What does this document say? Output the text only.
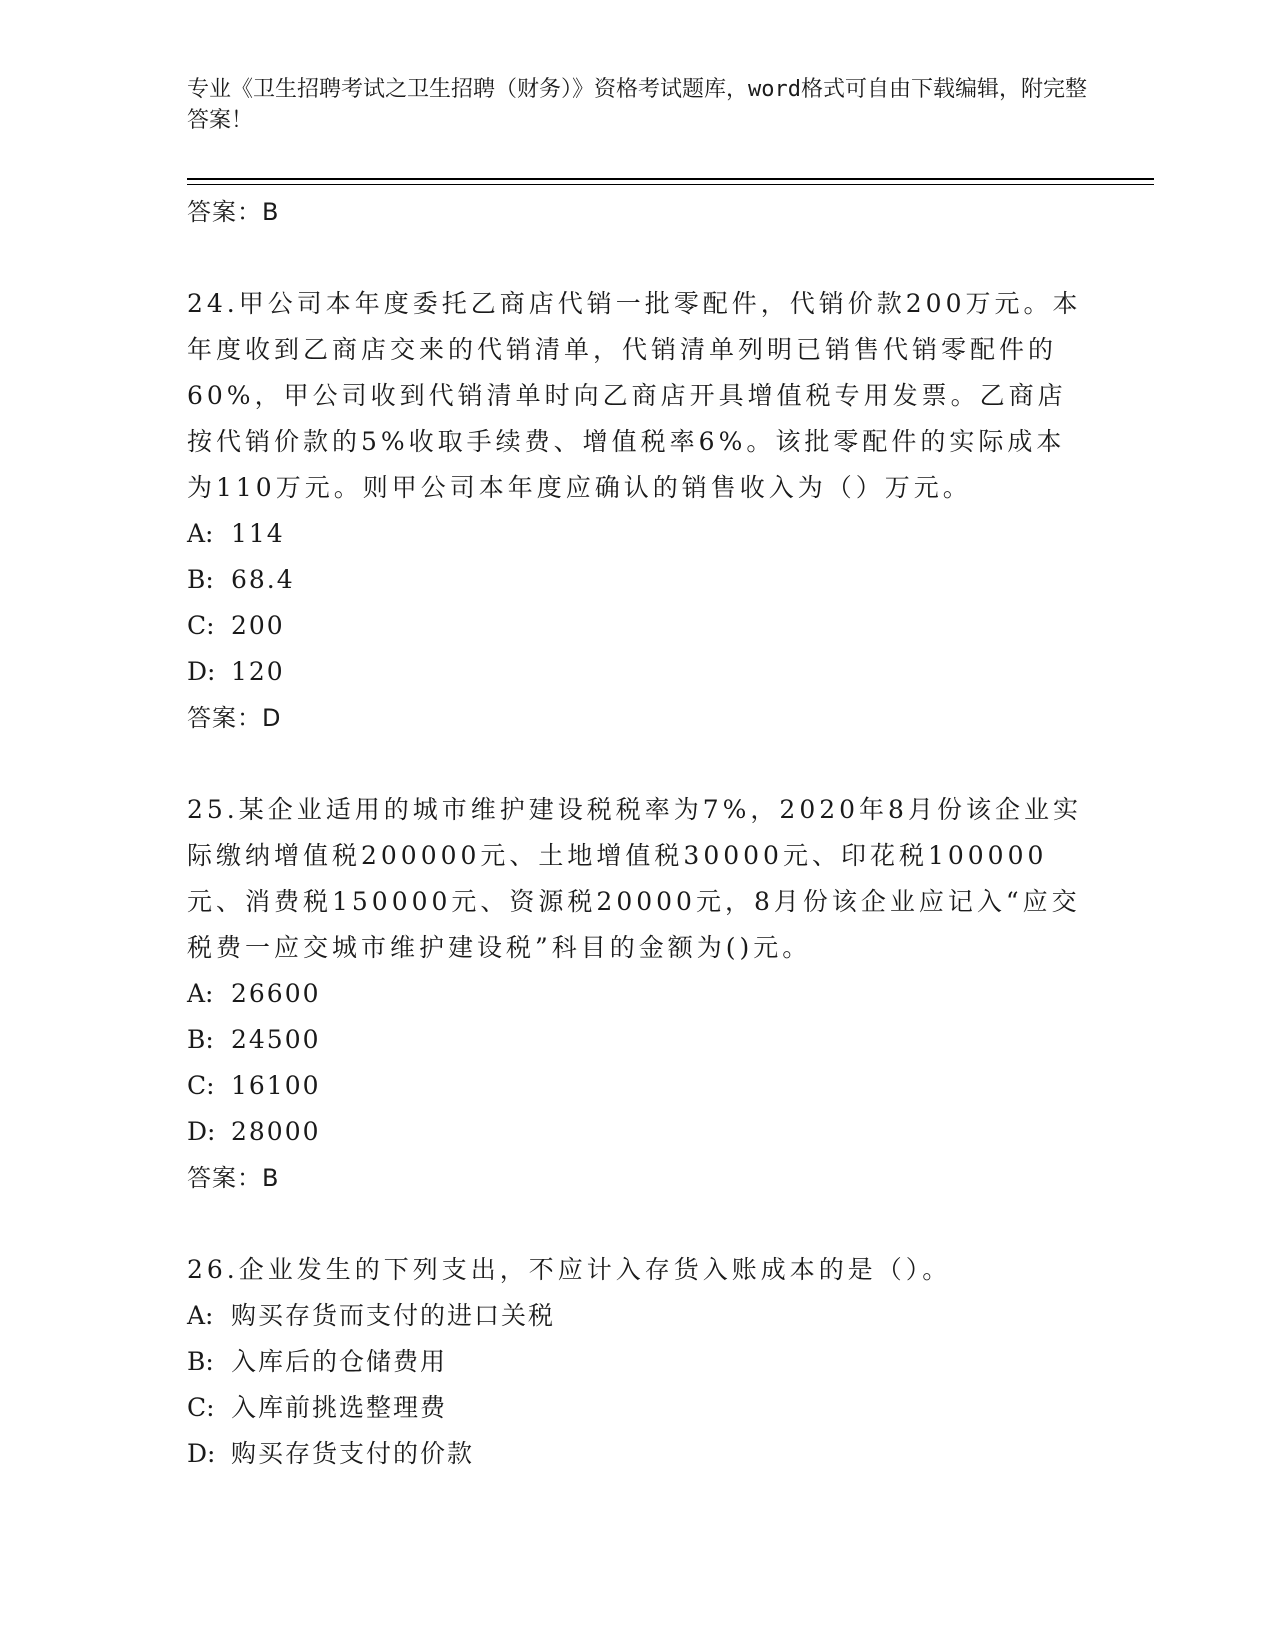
专业《卫生招聘考试之卫生招聘（财务）》资格考试题库，word格式可自由下载编辑，附完整答案！
答案：B
24.甲公司本年度委托乙商店代销一批零配件，代销价款200万元。本年度收到乙商店交来的代销清单，代销清单列明已销售代销零配件的60%，甲公司收到代销清单时向乙商店开具增值税专用发票。乙商店按代销价款的5%收取手续费、增值税率6%。该批零配件的实际成本为110万元。则甲公司本年度应确认的销售收入为（）万元。
A: 114
B: 68.4
C: 200
D: 120
答案：D
25.某企业适用的城市维护建设税税率为7%，2020年8月份该企业实际缴纳增值税200000元、土地增值税30000元、印花税100000元、消费税150000元、资源税20000元，8月份该企业应记入“应交税费一应交城市维护建设税”科目的金额为()元。
A: 26600
B: 24500
C: 16100
D: 28000
答案：B
26.企业发生的下列支出，不应计入存货入账成本的是（）。
A: 购买存货而支付的进口关税
B: 入库后的仓储费用
C: 入库前挑选整理费
D: 购买存货支付的价款
